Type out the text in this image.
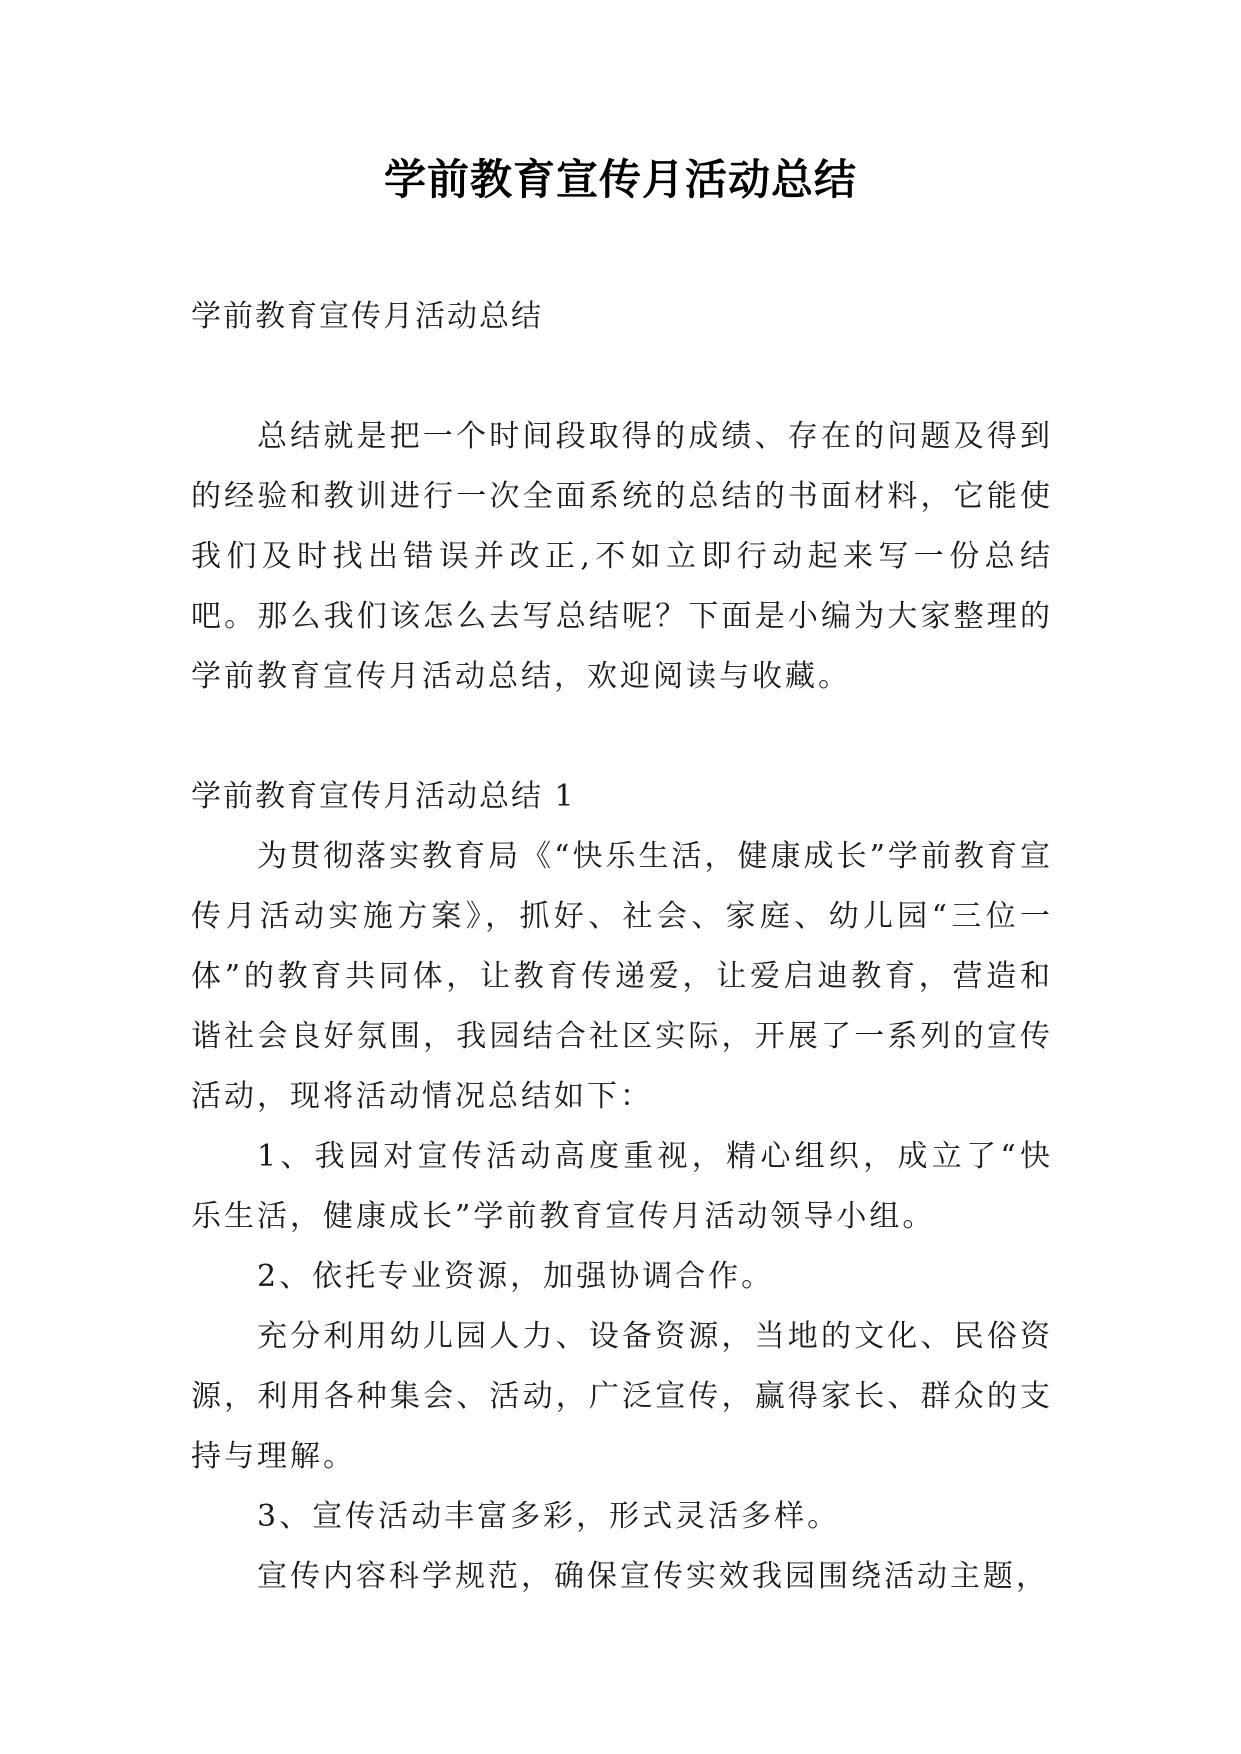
学前教育宣传月活动总结

学前教育宣传月活动总结

总结就是把一个时间段取得的成绩、存在的问题及得到的经验和教训进行一次全面系统的总结的书面材料，它能使我们及时找出错误并改正,不如立即行动起来写一份总结吧。那么我们该怎么去写总结呢？下面是小编为大家整理的学前教育宣传月活动总结，欢迎阅读与收藏。

学前教育宣传月活动总结 1

为贯彻落实教育局《“快乐生活，健康成长”学前教育宣传月活动实施方案》，抓好、社会、家庭、幼儿园“三位一体”的教育共同体，让教育传递爱，让爱启迪教育，营造和谐社会良好氛围，我园结合社区实际，开展了一系列的宣传活动，现将活动情况总结如下：

1、我园对宣传活动高度重视，精心组织，成立了“快乐生活，健康成长”学前教育宣传月活动领导小组。

2、依托专业资源，加强协调合作。

充分利用幼儿园人力、设备资源，当地的文化、民俗资源，利用各种集会、活动，广泛宣传，赢得家长、群众的支持与理解。

3、宣传活动丰富多彩，形式灵活多样。

宣传内容科学规范，确保宣传实效我园围绕活动主题，
